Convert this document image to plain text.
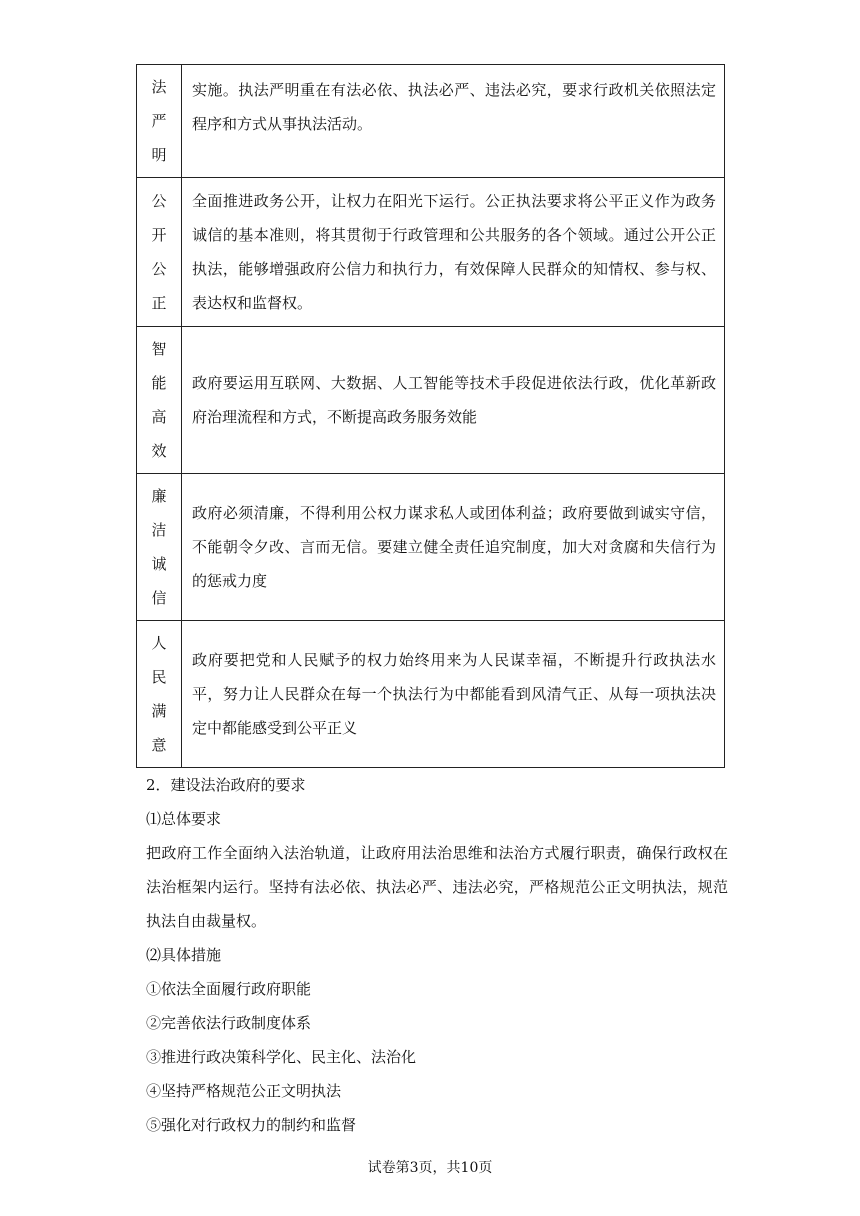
法严明	实施。执法严明重在有法必依、执法必严、违法必究，要求行政机关依照法定程序和方式从事执法活动。

公开公正	全面推进政务公开，让权力在阳光下运行。公正执法要求将公平正义作为政务诚信的基本准则，将其贯彻于行政管理和公共服务的各个领域。通过公开公正执法，能够增强政府公信力和执行力，有效保障人民群众的知情权、参与权、表达权和监督权。

智能高效	政府要运用互联网、大数据、人工智能等技术手段促进依法行政，优化革新政府治理流程和方式，不断提高政务服务效能

廉洁诚信	政府必须清廉，不得利用公权力谋求私人或团体利益；政府要做到诚实守信，不能朝令夕改、言而无信。要建立健全责任追究制度，加大对贪腐和失信行为的惩戒力度

人民满意	政府要把党和人民赋予的权力始终用来为人民谋幸福，不断提升行政执法水平，努力让人民群众在每一个执法行为中都能看到风清气正、从每一项执法决定中都能感受到公平正义
2．建设法治政府的要求
⑴总体要求
把政府工作全面纳入法治轨道，让政府用法治思维和法治方式履行职责，确保行政权在法治框架内运行。坚持有法必依、执法必严、违法必究，严格规范公正文明执法，规范执法自由裁量权。
⑵具体措施
①依法全面履行政府职能
②完善依法行政制度体系
③推进行政决策科学化、民主化、法治化
④坚持严格规范公正文明执法
⑤强化对行政权力的制约和监督
试卷第3页，共10页
